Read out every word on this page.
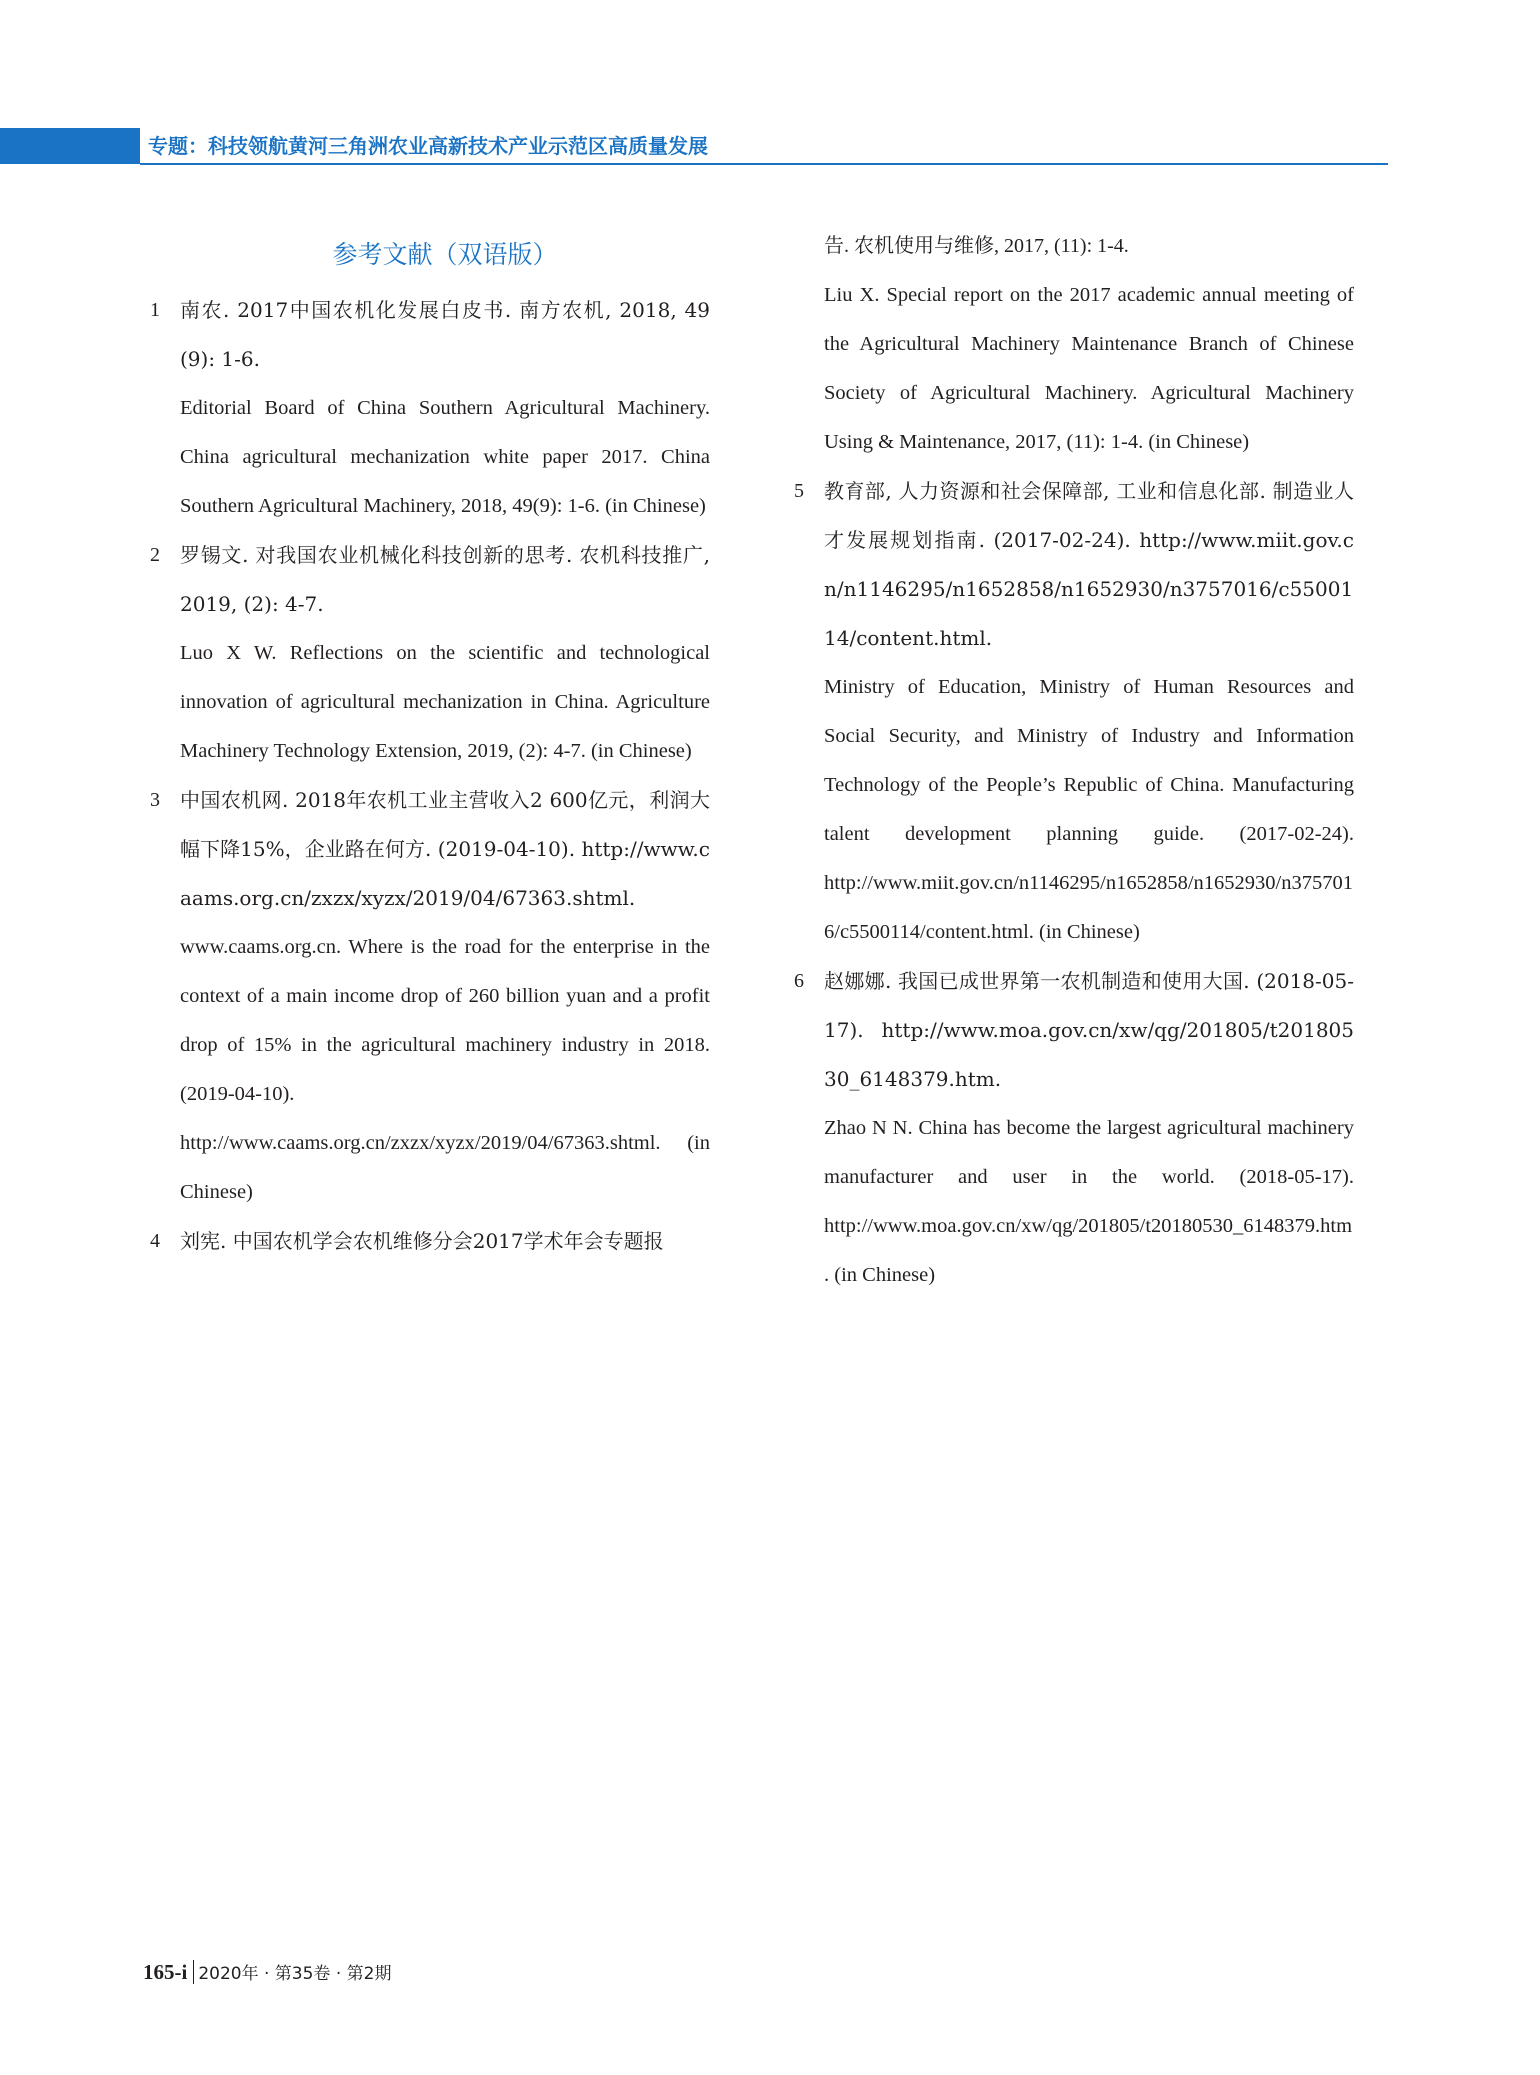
专题：科技领航黄河三角洲农业高新技术产业示范区高质量发展
参考文献（双语版）
1	南农. 2017中国农机化发展白皮书. 南方农机, 2018, 49(9): 1-6.

Editorial Board of China Southern Agricultural Machinery. China agricultural mechanization white paper 2017. China Southern Agricultural Machinery, 2018, 49(9): 1-6. (in Chinese)

2	罗锡文. 对我国农业机械化科技创新的思考. 农机科技推广, 2019, (2): 4-7.

Luo X W. Reflections on the scientific and technological innovation of agricultural mechanization in China. Agriculture Machinery Technology Extension, 2019, (2): 4-7. (in Chinese)

3	中国农机网. 2018年农机工业主营收入2 600亿元，利润大幅下降15%，企业路在何方. (2019-04-10). http://www.caams.org.cn/zxzx/xyzx/2019/04/67363.shtml.

www.caams.org.cn. Where is the road for the enterprise in the context of a main income drop of 260 billion yuan and a profit drop of 15% in the agricultural machinery industry in 2018. (2019-04-10). http://www.caams.org.cn/zxzx/xyzx/2019/04/67363.shtml. (in Chinese)

4	刘宪. 中国农机学会农机维修分会2017学术年会专题报

告. 农机使用与维修, 2017, (11): 1-4.

Liu X. Special report on the 2017 academic annual meeting of the Agricultural Machinery Maintenance Branch of Chinese Society of Agricultural Machinery. Agricultural Machinery Using & Maintenance, 2017, (11): 1-4. (in Chinese)

5	教育部, 人力资源和社会保障部, 工业和信息化部. 制造业人才发展规划指南. (2017-02-24). http://www.miit.gov.cn/n1146295/n1652858/n1652930/n3757016/c5500114/content.html.

Ministry of Education, Ministry of Human Resources and Social Security, and Ministry of Industry and Information Technology of the People’s Republic of China. Manufacturing talent development planning guide. (2017-02-24). http://www.miit.gov.cn/n1146295/n1652858/n1652930/n3757016/c5500114/content.html. (in Chinese)

6	赵娜娜. 我国已成世界第一农机制造和使用大国. (2018-05-17). http://www.moa.gov.cn/xw/qg/201805/t20180530_6148379.htm.

Zhao N N. China has become the largest agricultural machinery manufacturer and user in the world. (2018-05-17). http://www.moa.gov.cn/xw/qg/201805/t20180530_6148379.htm. (in Chinese)

165-i 2020年 · 第35卷 · 第2期
